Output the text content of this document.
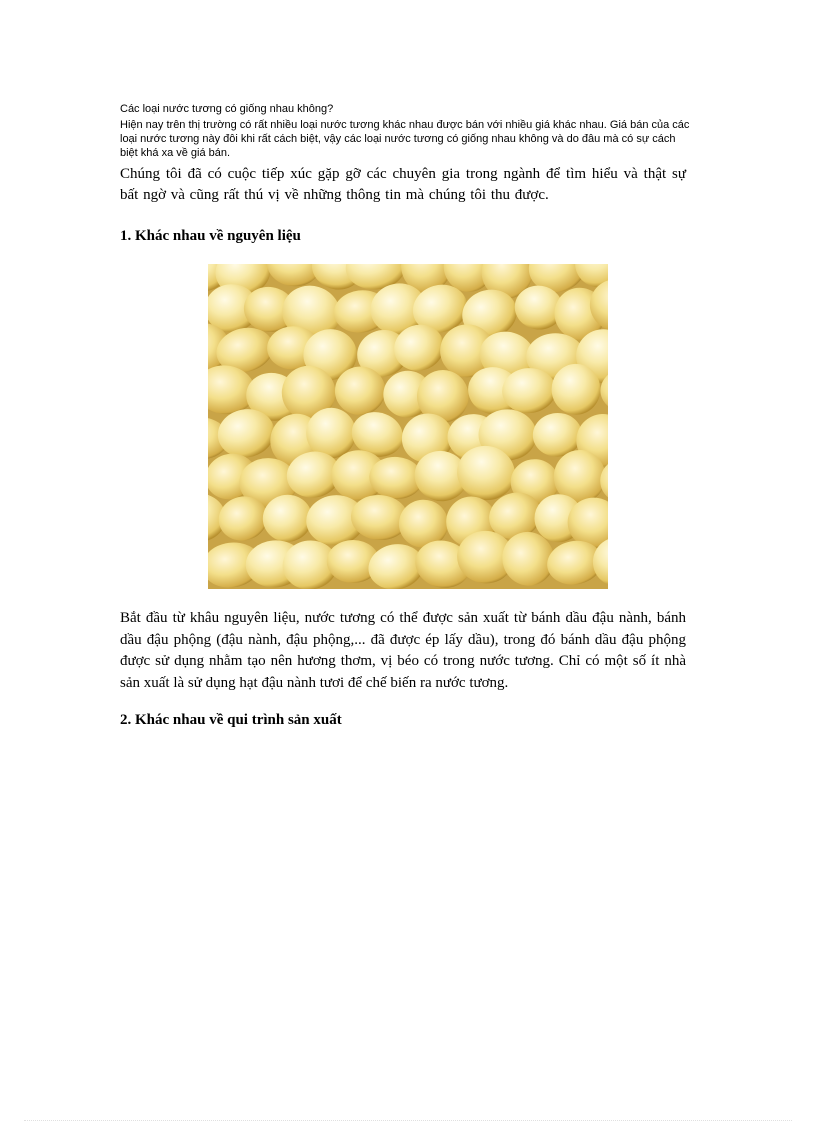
Các loại nước tương có giống nhau không?
Hiện nay trên thị trường có rất nhiều loại nước tương khác nhau được bán với nhiều giá khác nhau. Giá bán của các loại nước tương này đôi khi rất cách biệt, vậy các loại nước tương có giống nhau không và do đâu mà có sự cách biệt khá xa về giá bán.
Chúng tôi đã có cuộc tiếp xúc gặp gỡ các chuyên gia trong ngành để tìm hiểu và thật sự bất ngờ và cũng rất thú vị về những thông tin mà chúng tôi thu được.
1. Khác nhau về nguyên liệu
Bắt đầu từ khâu nguyên liệu, nước tương có thể được sản xuất từ bánh dầu đậu nành, bánh dầu đậu phộng (đậu nành, đậu phộng,... đã được ép lấy dầu), trong đó bánh dầu đậu phộng được sử dụng nhằm tạo nên hương thơm, vị béo có trong nước tương. Chỉ có một số ít nhà sản xuất là sử dụng hạt đậu nành tươi để chế biến ra nước tương.
2. Khác nhau về qui trình sản xuất
